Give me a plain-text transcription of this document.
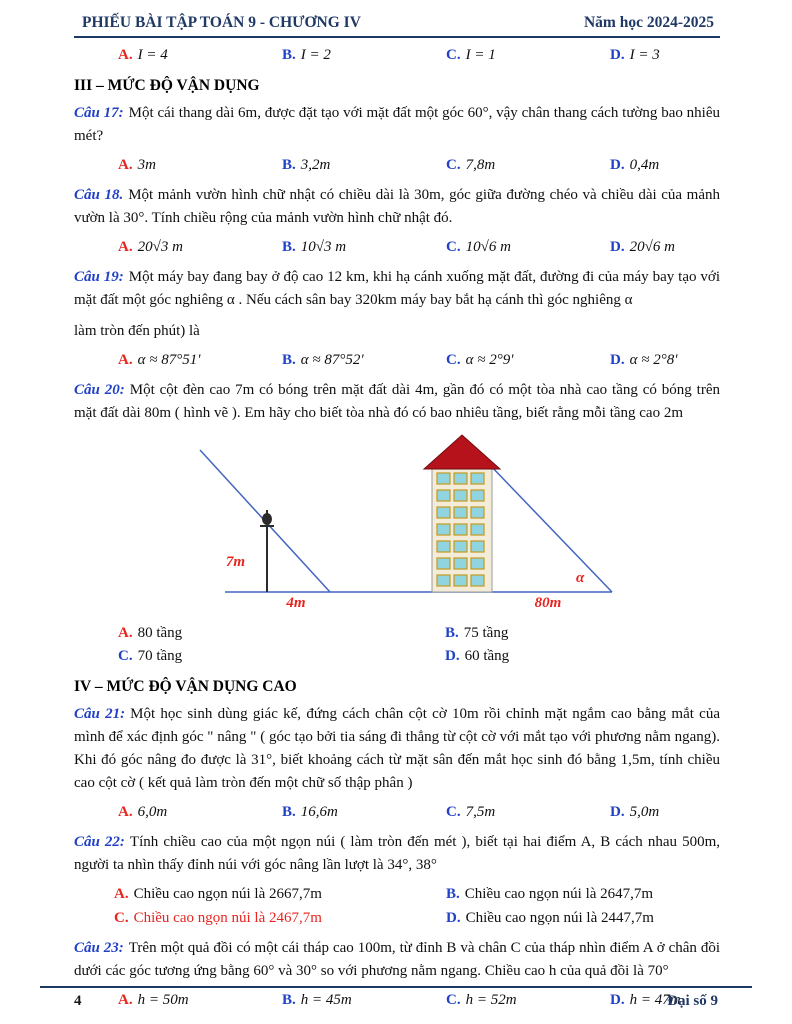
PHIẾU BÀI TẬP TOÁN 9 - CHƯƠNG IV	Năm học 2024-2025
A. I = 4	B. I = 2	C. I = 1	D. I = 3
III – MỨC ĐỘ VẬN DỤNG

Câu 17: Một cái thang dài 6m, được đặt tạo với mặt đất một góc 60°, vậy chân thang cách tường bao nhiêu mét?

A. 3m	B. 3,2m	C. 7,8m	D. 0,4m

Câu 18. Một mảnh vườn hình chữ nhật có chiều dài là 30m, góc giữa đường chéo và chiều dài của mảnh vườn là 30°. Tính chiều rộng của mảnh vườn hình chữ nhật đó.

A. 20√3 m	B. 10√3 m	C. 10√6 m	D. 20√6 m

Câu 19: Một máy bay đang bay ở độ cao 12 km, khi hạ cánh xuống mặt đất, đường đi của máy bay tạo với mặt đất một góc nghiêng α . Nếu cách sân bay 320km máy bay bắt hạ cánh thì góc nghiêng α

làm tròn đến phút) là
A. α ≈ 87°51'	B. α ≈ 87°52'	C. α ≈ 2°9'	D. α ≈ 2°8'

Câu 20: Một cột đèn cao 7m có bóng trên mặt đất dài 4m, gần đó có một tòa nhà cao tầng có bóng trên mặt đất dài 80m ( hình vẽ ). Em hãy cho biết tòa nhà đó có bao nhiêu tầng, biết rằng mỗi tầng cao 2m

7m
4m	80m
α
A. 80 tầng	B. 75 tầng
C. 70 tầng	D. 60 tầng
IV – MỨC ĐỘ VẬN DỤNG CAO

Câu 21: Một học sinh dùng giác kế, đứng cách chân cột cờ 10m rồi chỉnh mặt ngắm cao bằng mắt của mình để xác định góc " nâng " ( góc tạo bởi tia sáng đi thẳng từ cột cờ với mắt tạo với phương nằm ngang). Khi đó góc nâng đo được là 31°, biết khoảng cách từ mặt sân đến mắt học sinh đó bằng 1,5m, tính chiều cao cột cờ ( kết quả làm tròn đến một chữ số thập phân )

A. 6,0m	B. 16,6m	C. 7,5m	D. 5,0m

Câu 22: Tính chiều cao của một ngọn núi ( làm tròn đến mét ), biết tại hai điểm A, B cách nhau 500m, người ta nhìn thấy đỉnh núi với góc nâng lần lượt là 34°, 38°

A. Chiều cao ngọn núi là 2667,7m	B. Chiều cao ngọn núi là 2647,7m
C. Chiều cao ngọn núi là 2467,7m	D. Chiều cao ngọn núi là 2447,7m

Câu 23: Trên một quả đồi có một cái tháp cao 100m, từ đỉnh B và chân C của tháp nhìn điểm A ở chân đồi dưới các góc tương ứng bằng 60° và 30° so với phương nằm ngang. Chiều cao h của quả đồi là 70°

A. h = 50m	B. h = 45m	C. h = 52m	D. h = 47m
4	Đại số 9
